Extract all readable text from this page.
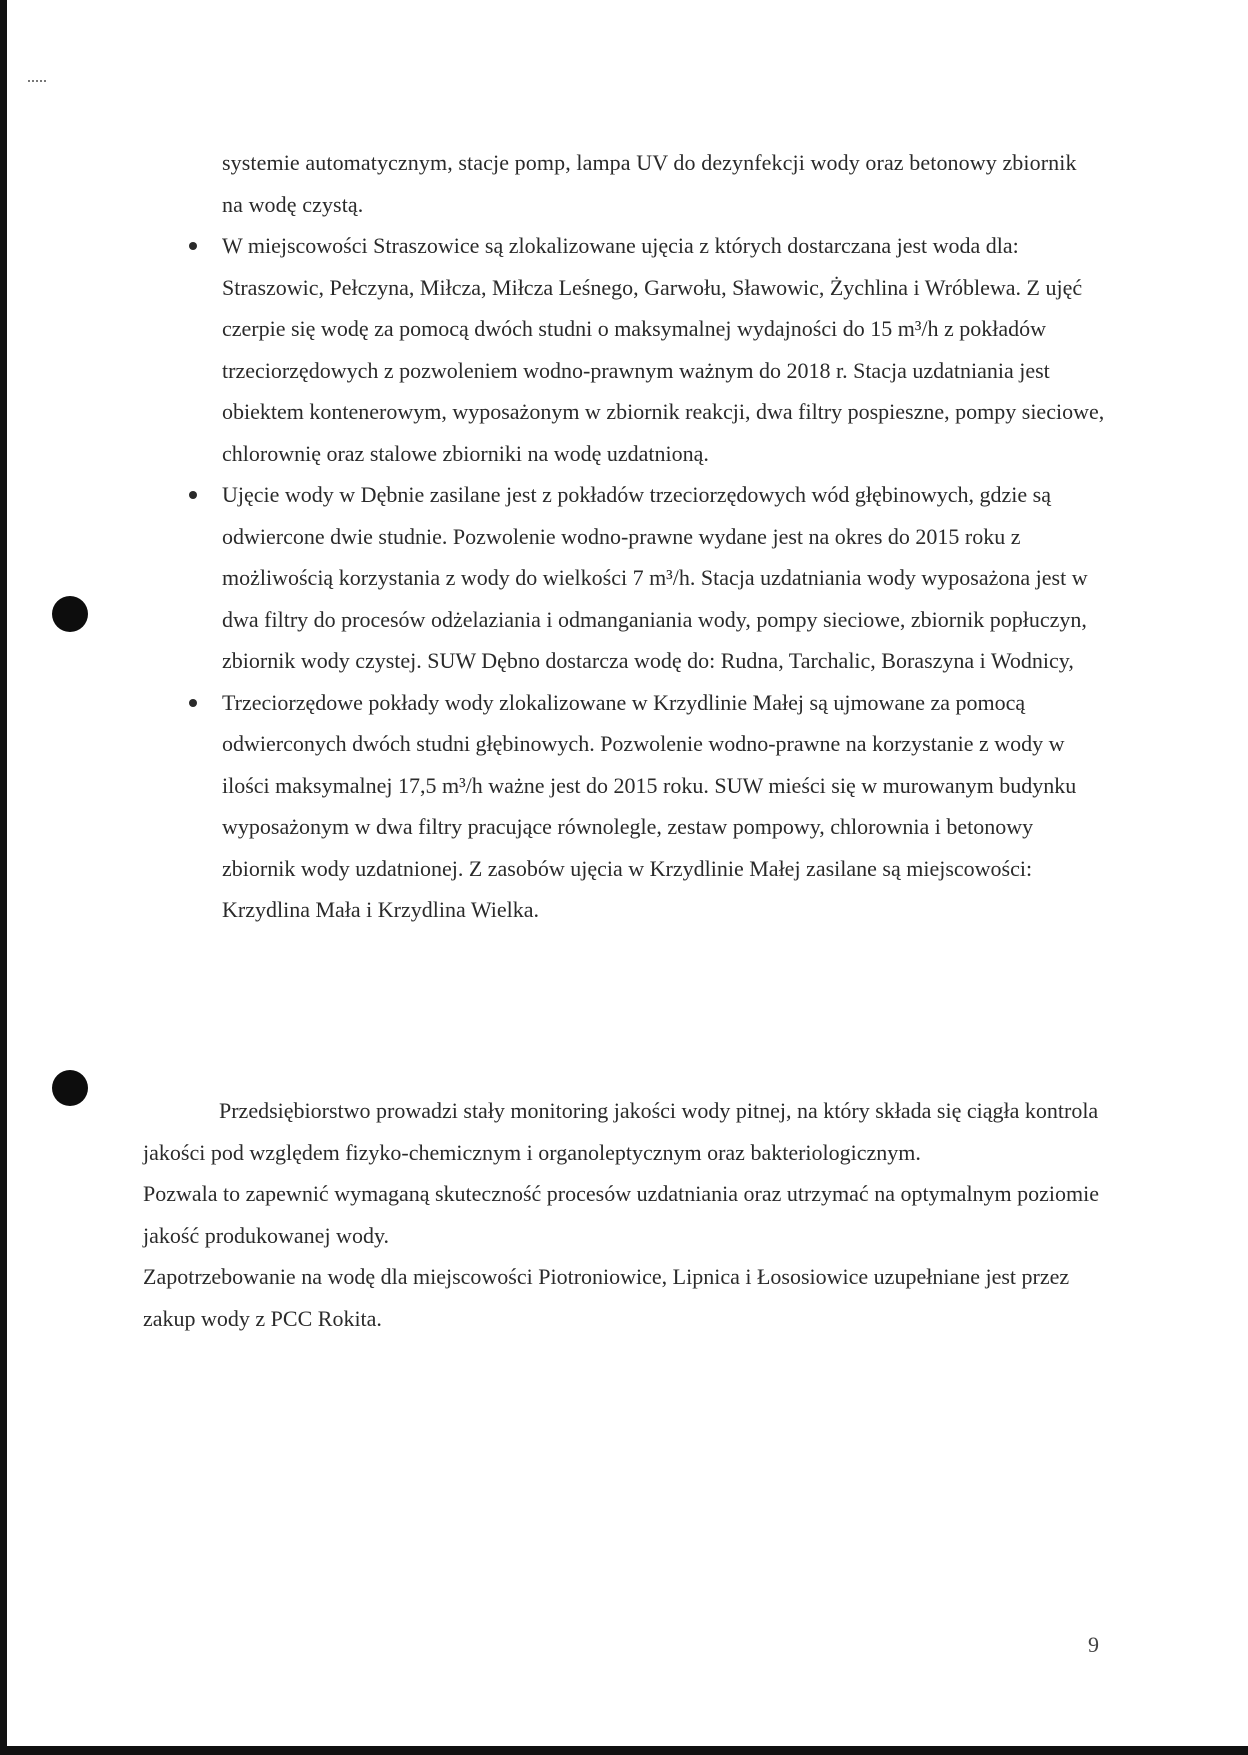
systemie automatycznym, stacje pomp, lampa UV do dezynfekcji wody oraz betonowy zbiornik na wodę czystą.
W miejscowości Straszowice są zlokalizowane ujęcia z których dostarczana jest woda dla: Straszowic, Pełczyna, Miłcza, Miłcza Leśnego, Garwołu, Sławowic, Żychlina i Wróblewa. Z ujęć czerpie się wodę za pomocą dwóch studni o maksymalnej wydajności do 15 m³/h z pokładów trzeciorzędowych z pozwoleniem wodno-prawnym ważnym do 2018 r. Stacja uzdatniania jest obiektem kontenerowym, wyposażonym w zbiornik reakcji, dwa filtry pospieszne, pompy sieciowe, chlorownię oraz stalowe zbiorniki na wodę uzdatnioną.
Ujęcie wody w Dębnie zasilane jest z pokładów trzeciorzędowych wód głębinowych, gdzie są odwiercone dwie studnie. Pozwolenie wodno-prawne wydane jest na okres do 2015 roku z możliwością korzystania z wody do wielkości 7 m³/h. Stacja uzdatniania wody wyposażona jest w dwa filtry do procesów odżelaziania i odmanganiania wody, pompy sieciowe, zbiornik popłuczyn, zbiornik wody czystej. SUW Dębno dostarcza wodę do: Rudna, Tarchalic, Boraszyna i Wodnicy,
Trzeciorzędowe pokłady wody zlokalizowane w Krzydlinie Małej są ujmowane za pomocą odwierconych dwóch studni głębinowych. Pozwolenie wodno-prawne na korzystanie z wody w ilości maksymalnej 17,5 m³/h ważne jest do 2015 roku. SUW mieści się w murowanym budynku wyposażonym w dwa filtry pracujące równolegle, zestaw pompowy, chlorownia i betonowy zbiornik wody uzdatnionej. Z zasobów ujęcia w Krzydlinie Małej zasilane są miejscowości: Krzydlina Mała i Krzydlina Wielka.

Przedsiębiorstwo prowadzi stały monitoring jakości wody pitnej, na który składa się ciągła kontrola jakości pod względem fizyko-chemicznym i organoleptycznym oraz bakteriologicznym.

Pozwala to zapewnić wymaganą skuteczność procesów uzdatniania oraz utrzymać na optymalnym poziomie jakość produkowanej wody.

Zapotrzebowanie na wodę dla miejscowości Piotroniowice, Lipnica i Łososiowice uzupełniane jest przez zakup wody z PCC Rokita.

9
